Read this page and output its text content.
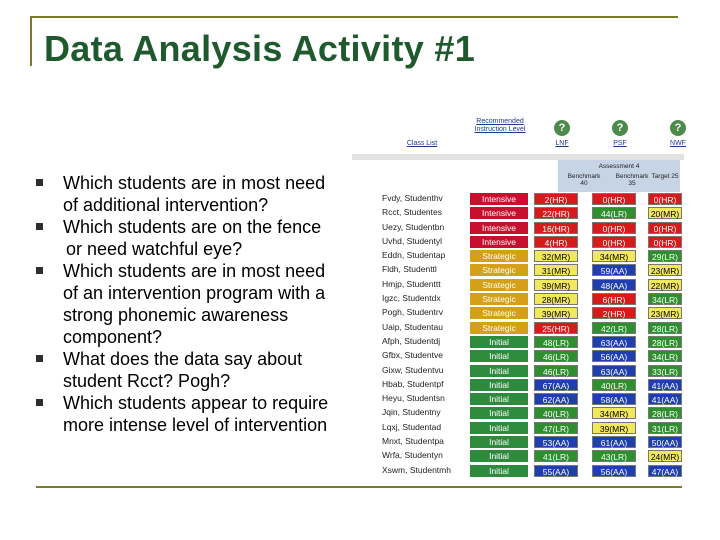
Data Analysis Activity #1
Which students are in most need
of additional intervention?
Which students are on the fence
or need watchful eye?
Which students are in most need
of an intervention program with a
strong phonemic awareness
component?
What does the data say about
student Rcct? Pogh?
Which students appear to require
more intense level of intervention
Recommended Instruction Level
Class List
?	?	?
LNF	PSF	NWF
Assessment 4
Benchmark 40
Benchmark 35
Target 25
Fvdy, Studenthv	Intensive	2(HR)	0(HR)	0(HR)
Rcct, Studentes	Intensive	22(HR)	44(LR)	20(MR)
Uezy, Studentbn	Intensive	16(HR)	0(HR)	0(HR)
Uvhd, Studentyl	Intensive	4(HR)	0(HR)	0(HR)
Eddn, Studentap	Strategic	32(MR)	34(MR)	29(LR)
Fldh, Studenttl	Strategic	31(MR)	59(AA)	23(MR)
Hmjp, Studenttt	Strategic	39(MR)	48(AA)	22(MR)
Igzc, Studentdx	Strategic	28(MR)	6(HR)	34(LR)
Pogh, Studentrv	Strategic	39(MR)	2(HR)	23(MR)
Uaip, Studentau	Strategic	25(HR)	42(LR)	28(LR)
Afph, Studentdj	Initial	48(LR)	63(AA)	28(LR)
Gfbx, Studentve	Initial	46(LR)	56(AA)	34(LR)
Gixw, Studentvu	Initial	46(LR)	63(AA)	33(LR)
Hbab, Studentpf	Initial	67(AA)	40(LR)	41(AA)
Heyu, Studentsn	Initial	62(AA)	58(AA)	41(AA)
Jqin, Studentny	Initial	40(LR)	34(MR)	28(LR)
Lqxj, Studentad	Initial	47(LR)	39(MR)	31(LR)
Mnxt, Studentpa	Initial	53(AA)	61(AA)	50(AA)
Wrfa, Studentyn	Initial	41(LR)	43(LR)	24(MR)
Xswm, Studentmh	Initial	55(AA)	56(AA)	47(AA)
